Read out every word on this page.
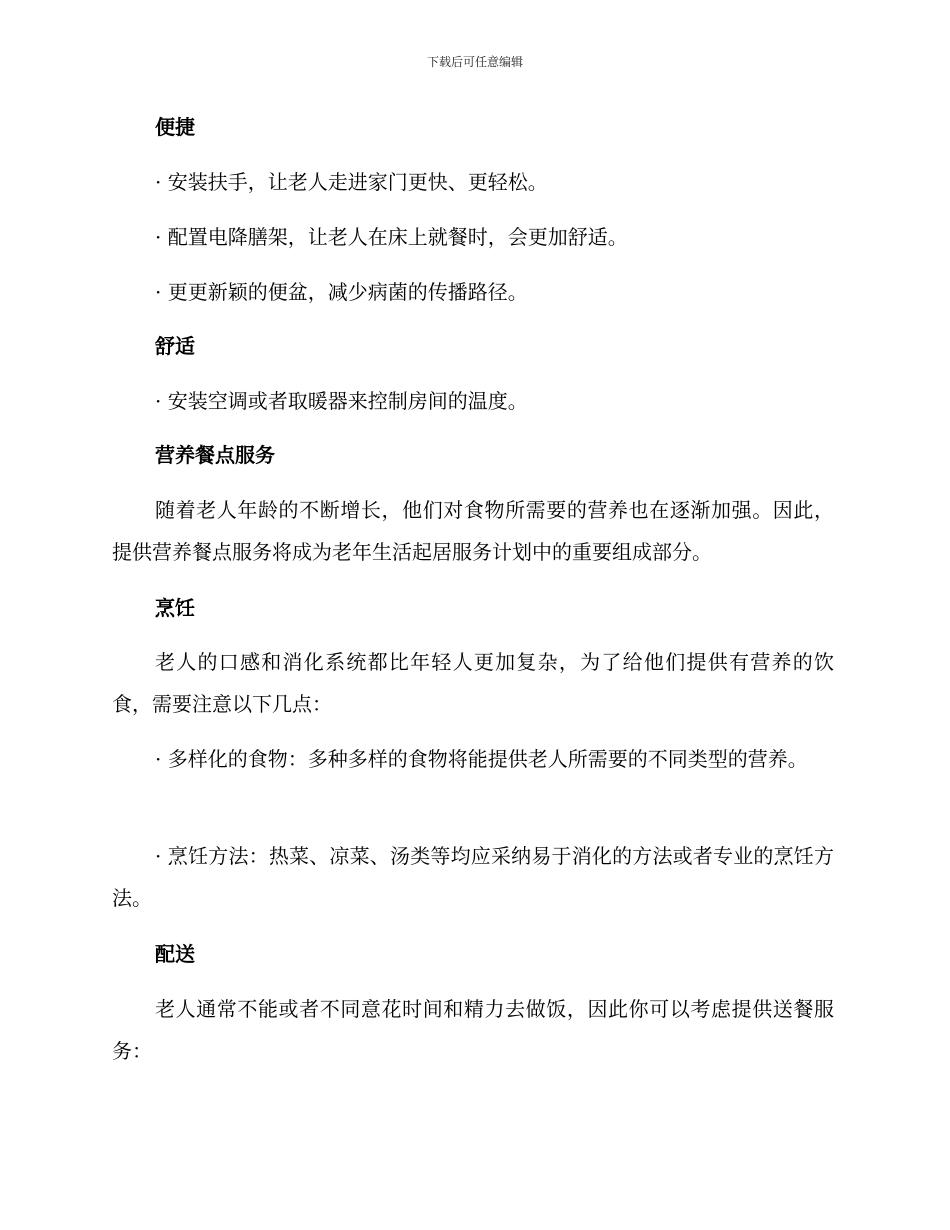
下载后可任意编辑
便捷
· 安装扶手，让老人走进家门更快、更轻松。
· 配置电降膳架，让老人在床上就餐时，会更加舒适。
· 更更新颖的便盆，减少病菌的传播路径。
舒适
· 安装空调或者取暖器来控制房间的温度。
营养餐点服务
随着老人年龄的不断增长，他们对食物所需要的营养也在逐渐加强。因此，提供营养餐点服务将成为老年生活起居服务计划中的重要组成部分。
烹饪
老人的口感和消化系统都比年轻人更加复杂，为了给他们提供有营养的饮食，需要注意以下几点：
· 多样化的食物：多种多样的食物将能提供老人所需要的不同类型的营养。
· 烹饪方法：热菜、凉菜、汤类等均应采纳易于消化的方法或者专业的烹饪方法。
配送
老人通常不能或者不同意花时间和精力去做饭，因此你可以考虑提供送餐服务：
